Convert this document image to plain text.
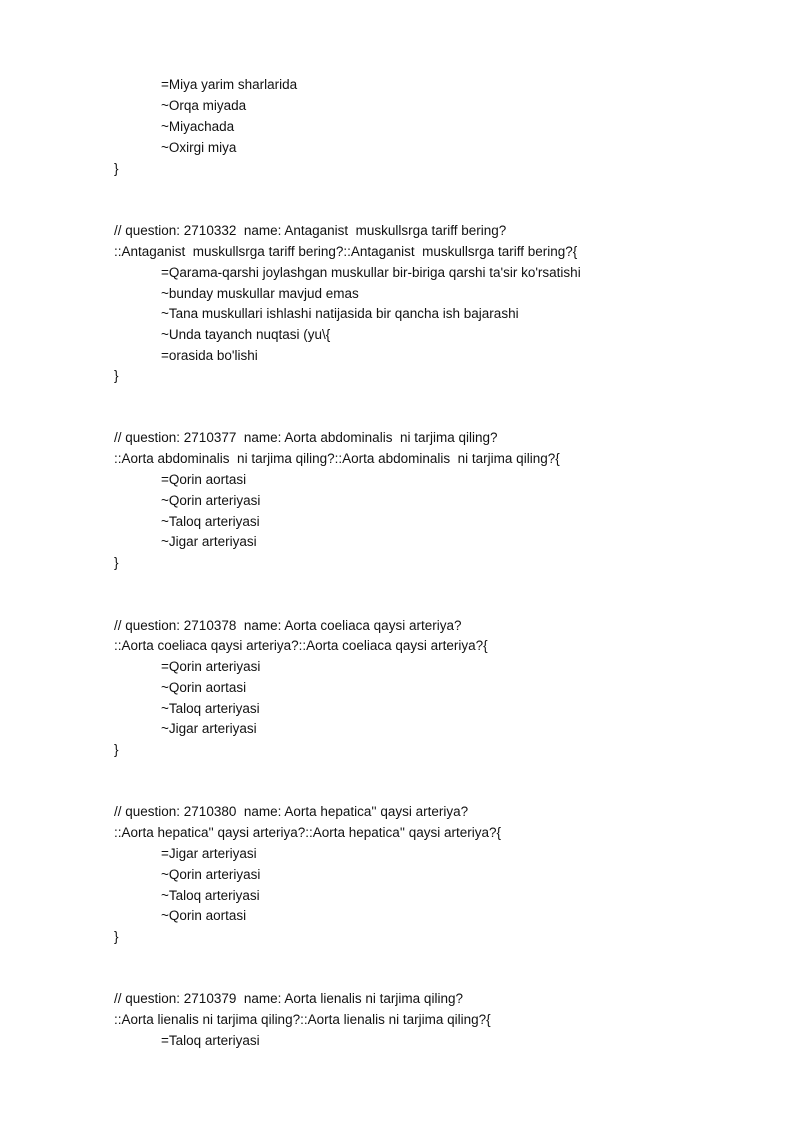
=Miya yarim sharlarida
~Orqa miyada
~Miyachada
~Oxirgi miya
}
// question: 2710332  name: Antaganist  muskullsrga tariff bering?
::Antaganist  muskullsrga tariff bering?::Antaganist  muskullsrga tariff bering?{
=Qarama-qarshi joylashgan muskullar bir-biriga qarshi ta'sir ko'rsatishi
~bunday muskullar mavjud emas
~Tana muskullari ishlashi natijasida bir qancha ish bajarashi
~Unda tayanch nuqtasi (yu\{
=orasida bo'lishi
}
// question: 2710377  name: Aorta abdominalis  ni tarjima qiling?
::Aorta abdominalis  ni tarjima qiling?::Aorta abdominalis  ni tarjima qiling?{
=Qorin aortasi
~Qorin arteriyasi
~Taloq arteriyasi
~Jigar arteriyasi
}
// question: 2710378  name: Aorta coeliaca qaysi arteriya?
::Aorta coeliaca qaysi arteriya?::Aorta coeliaca qaysi arteriya?{
=Qorin arteriyasi
~Qorin aortasi
~Taloq arteriyasi
~Jigar arteriyasi
}
// question: 2710380  name: Aorta hepatica'' qaysi arteriya?
::Aorta hepatica'' qaysi arteriya?::Aorta hepatica'' qaysi arteriya?{
=Jigar arteriyasi
~Qorin arteriyasi
~Taloq arteriyasi
~Qorin aortasi
}
// question: 2710379  name: Aorta lienalis ni tarjima qiling?
::Aorta lienalis ni tarjima qiling?::Aorta lienalis ni tarjima qiling?{
=Taloq arteriyasi
